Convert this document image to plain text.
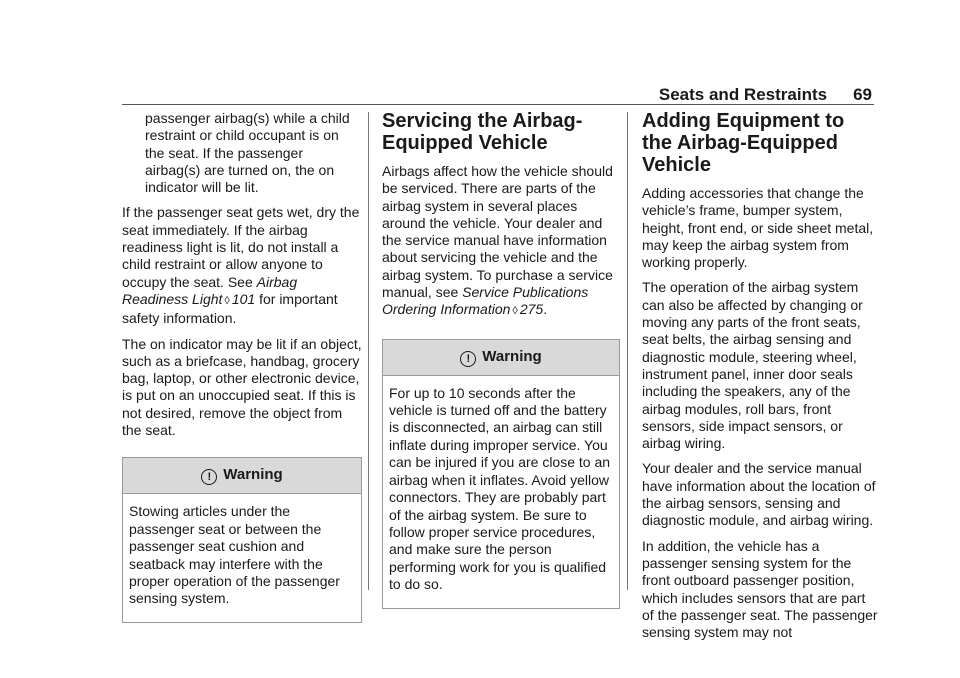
Seats and Restraints 69

passenger airbag(s) while a child restraint or child occupant is on the seat. If the passenger airbag(s) are turned on, the on indicator will be lit.

If the passenger seat gets wet, dry the seat immediately. If the airbag readiness light is lit, do not install a child restraint or allow anyone to occupy the seat. See Airbag Readiness Light ◊ 101 for important safety information.

The on indicator may be lit if an object, such as a briefcase, handbag, grocery bag, laptop, or other electronic device, is put on an unoccupied seat. If this is not desired, remove the object from the seat.

! Warning

Stowing articles under the passenger seat or between the passenger seat cushion and seatback may interfere with the proper operation of the passenger sensing system.

Servicing the Airbag-Equipped Vehicle

Airbags affect how the vehicle should be serviced. There are parts of the airbag system in several places around the vehicle. Your dealer and the service manual have information about servicing the vehicle and the airbag system. To purchase a service manual, see Service Publications Ordering Information ◊ 275.

! Warning

For up to 10 seconds after the vehicle is turned off and the battery is disconnected, an airbag can still inflate during improper service. You can be injured if you are close to an airbag when it inflates. Avoid yellow connectors. They are probably part of the airbag system. Be sure to follow proper service procedures, and make sure the person performing work for you is qualified to do so.

Adding Equipment to the Airbag-Equipped Vehicle

Adding accessories that change the vehicle’s frame, bumper system, height, front end, or side sheet metal, may keep the airbag system from working properly.

The operation of the airbag system can also be affected by changing or moving any parts of the front seats, seat belts, the airbag sensing and diagnostic module, steering wheel, instrument panel, inner door seals including the speakers, any of the airbag modules, roll bars, front sensors, side impact sensors, or airbag wiring.

Your dealer and the service manual have information about the location of the airbag sensors, sensing and diagnostic module, and airbag wiring.

In addition, the vehicle has a passenger sensing system for the front outboard passenger position, which includes sensors that are part of the passenger seat. The passenger sensing system may not
